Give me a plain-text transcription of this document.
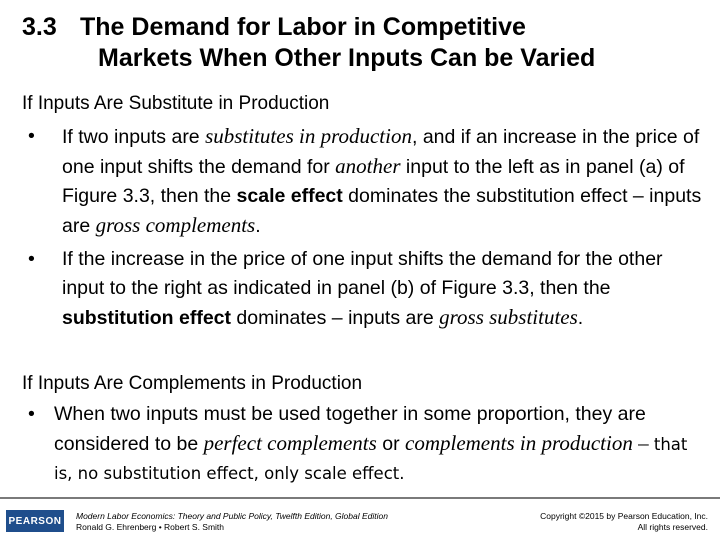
3.3 The Demand for Labor in Competitive
Markets When Other Inputs Can be Varied
If Inputs Are Substitute in Production
• If two inputs are substitutes in production, and if an increase in the price of one input shifts the demand for another input to the left as in panel (a) of Figure 3.3, then the scale effect dominates the substitution effect – inputs are gross complements.
• If the increase in the price of one input shifts the demand for the other input to the right as indicated in panel (b) of Figure 3.3, then the substitution effect dominates – inputs are gross substitutes.
If Inputs Are Complements in Production
• When two inputs must be used together in some proportion, they are considered to be perfect complements or complements in production – that is, no substitution effect, only scale effect.
PEARSON Modern Labor Economics: Theory and Public Policy, Twelfth Edition, Global Edition
Ronald G. Ehrenberg • Robert S. Smith
Copyright ©2015 by Pearson Education, Inc.
All rights reserved.
